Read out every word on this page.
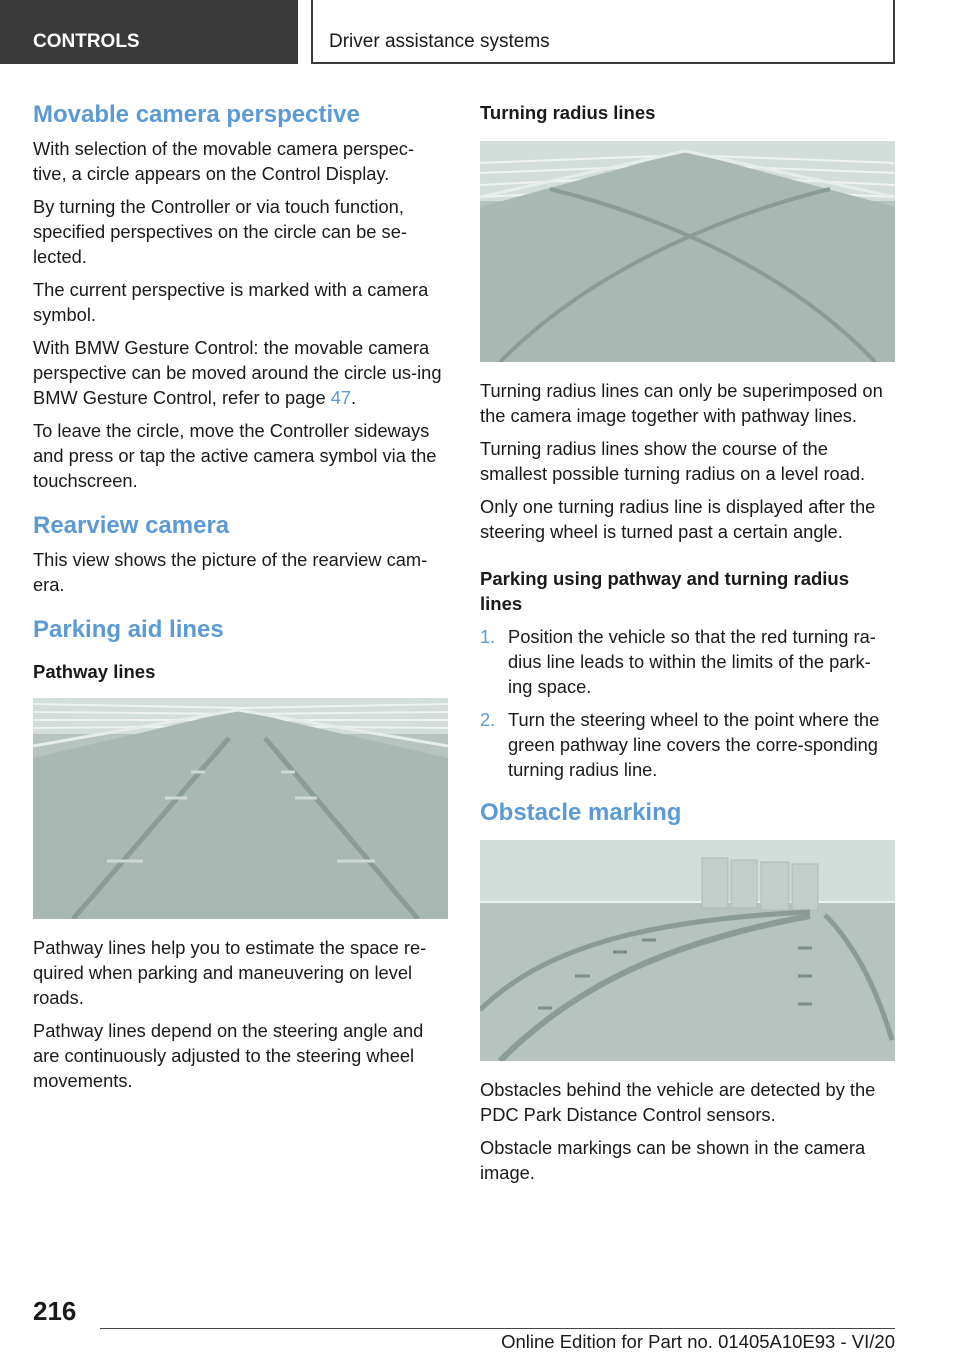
CONTROLS	Driver assistance systems
Movable camera perspective

With selection of the movable camera perspec‐tive, a circle appears on the Control Display.

By turning the Controller or via touch function, specified perspectives on the circle can be se‐lected.

The current perspective is marked with a camera symbol.

With BMW Gesture Control: the movable camera perspective can be moved around the circle us‐ing BMW Gesture Control, refer to page 47.

To leave the circle, move the Controller sideways and press or tap the active camera symbol via the touchscreen.

Rearview camera

This view shows the picture of the rearview cam‐era.

Parking aid lines
Pathway lines

Pathway lines help you to estimate the space re‐quired when parking and maneuvering on level roads.

Pathway lines depend on the steering angle and are continuously adjusted to the steering wheel movements.

Turning radius lines

Turning radius lines can only be superimposed on the camera image together with pathway lines.

Turning radius lines show the course of the smallest possible turning radius on a level road.

Only one turning radius line is displayed after the steering wheel is turned past a certain angle.

Parking using pathway and turning radius lines
1. Position the vehicle so that the red turning ra‐dius line leads to within the limits of the park‐ing space.
2. Turn the steering wheel to the point where the green pathway line covers the corre‐sponding turning radius line.
Obstacle marking

Obstacles behind the vehicle are detected by the PDC Park Distance Control sensors.

Obstacle markings can be shown in the camera image.

216
Online Edition for Part no. 01405A10E93 - VI/20
